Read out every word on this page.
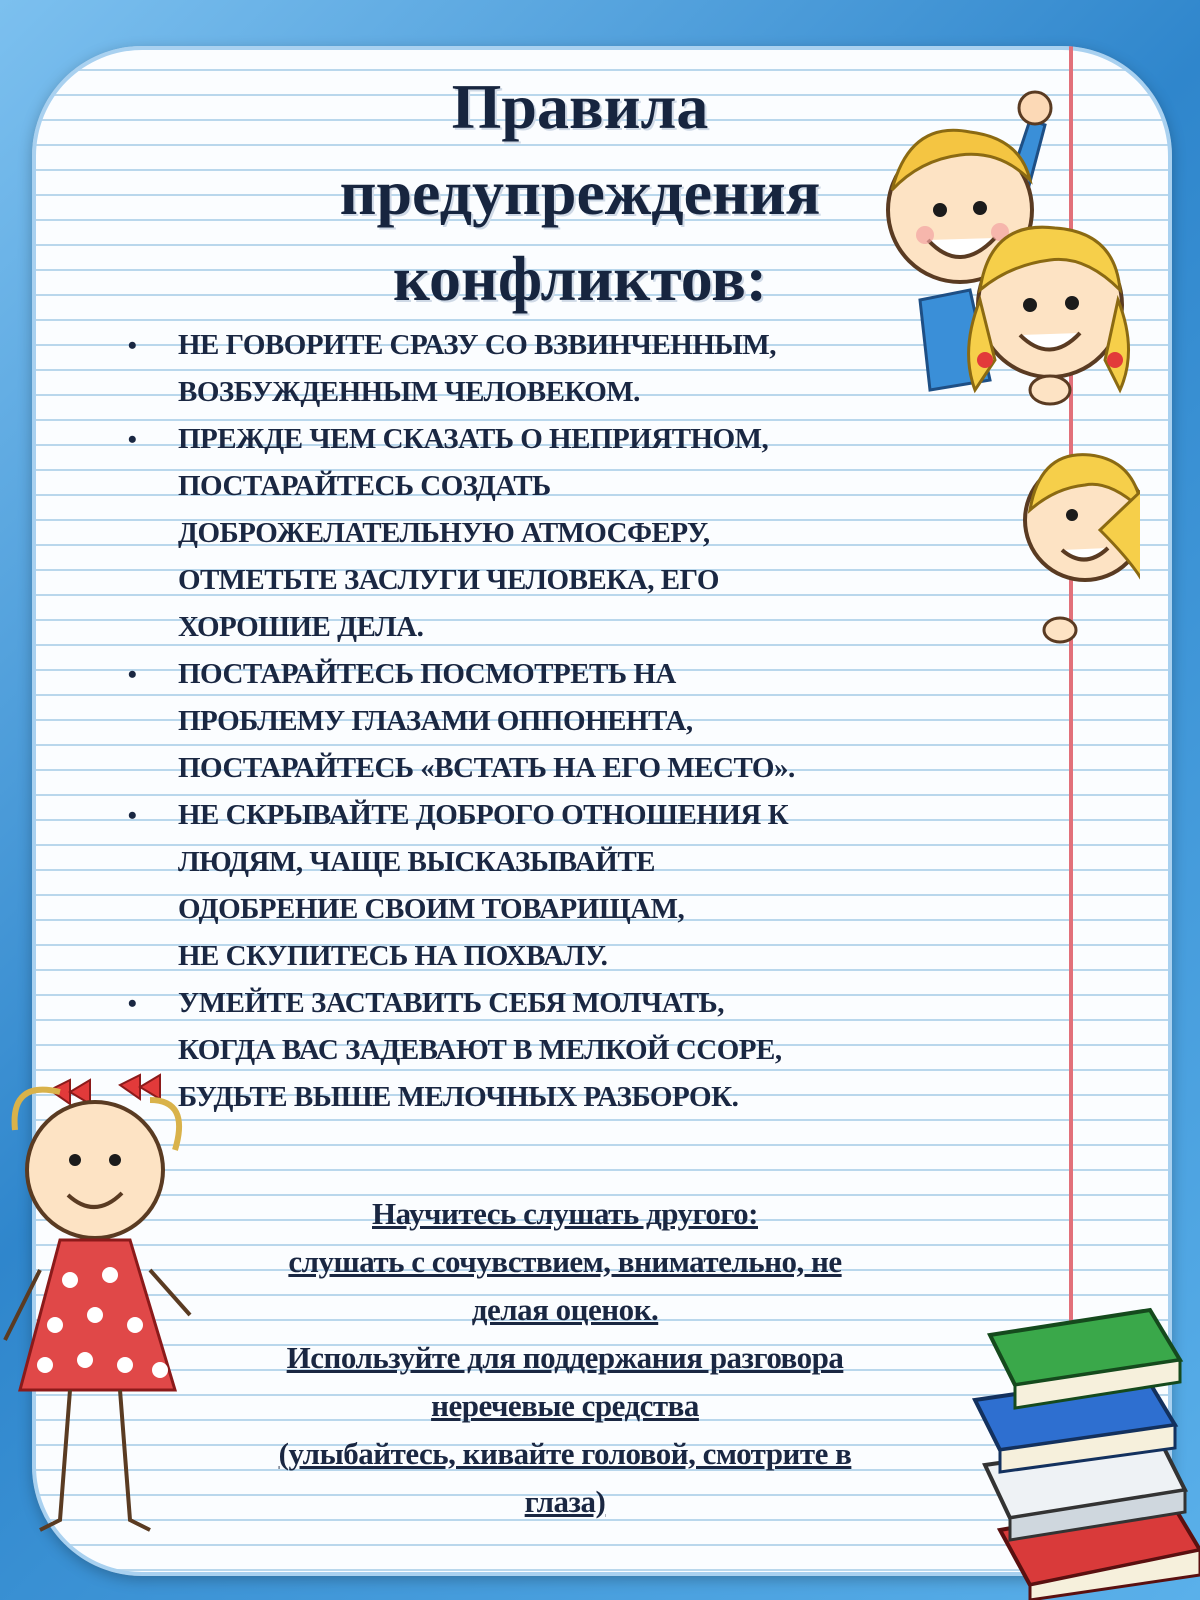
Правила
предупреждения
конфликтов:
• НЕ ГОВОРИТЕ СРАЗУ СО ВЗВИНЧЕННЫМ,
ВОЗБУЖДЕННЫМ ЧЕЛОВЕКОМ.
• ПРЕЖДЕ ЧЕМ СКАЗАТЬ О НЕПРИЯТНОМ,
ПОСТАРАЙТЕСЬ СОЗДАТЬ
ДОБРОЖЕЛАТЕЛЬНУЮ АТМОСФЕРУ,
ОТМЕТЬТЕ ЗАСЛУГИ ЧЕЛОВЕКА, ЕГО
ХОРОШИЕ ДЕЛА.
• ПОСТАРАЙТЕСЬ ПОСМОТРЕТЬ НА
ПРОБЛЕМУ ГЛАЗАМИ ОППОНЕНТА,
ПОСТАРАЙТЕСЬ «ВСТАТЬ НА ЕГО МЕСТО».
• НЕ СКРЫВАЙТЕ ДОБРОГО ОТНОШЕНИЯ К
ЛЮДЯМ, ЧАЩЕ ВЫСКАЗЫВАЙТЕ
ОДОБРЕНИЕ СВОИМ ТОВАРИЩАМ,
НЕ СКУПИТЕСЬ НА ПОХВАЛУ.
• УМЕЙТЕ ЗАСТАВИТЬ СЕБЯ МОЛЧАТЬ,
КОГДА ВАС ЗАДЕВАЮТ В МЕЛКОЙ ССОРЕ,
БУДЬТЕ ВЫШЕ МЕЛОЧНЫХ РАЗБОРОК.
Научитесь слушать другого:
слушать с сочувствием, внимательно, не
делая оценок.
Используйте для поддержания разговора
неречевые средства
(улыбайтесь, кивайте головой, смотрите в
глаза)
